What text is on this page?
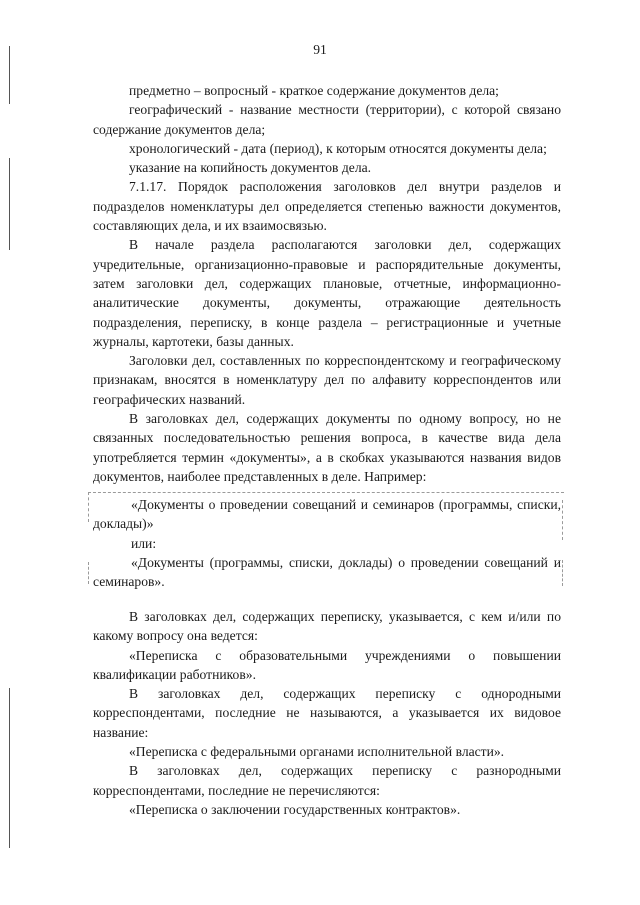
91

предметно – вопросный - краткое содержание документов дела;

географический - название местности (территории), с которой связано содержание документов дела;

хронологический - дата (период), к которым относятся документы дела;

указание на копийность документов дела.

7.1.17. Порядок расположения заголовков дел внутри разделов и подразделов номенклатуры дел определяется степенью важности документов, составляющих дела, и их взаимосвязью.

В начале раздела располагаются заголовки дел, содержащих учредительные, организационно-правовые и распорядительные документы, затем заголовки дел, содержащих плановые, отчетные, информационно-аналитические документы, документы, отражающие деятельность подразделения, переписку, в конце раздела – регистрационные и учетные журналы, картотеки, базы данных.

Заголовки дел, составленных по корреспондентскому и географическому признакам, вносятся в номенклатуру дел по алфавиту корреспондентов или географических названий.

В заголовках дел, содержащих документы по одному вопросу, но не связанных последовательностью решения вопроса, в качестве вида дела употребляется термин «документы», а в скобках указываются названия видов документов, наиболее представленных в деле. Например:

«Документы о проведении совещаний и семинаров (программы, списки, доклады)»

или:

«Документы (программы, списки, доклады) о проведении совещаний и семинаров».

В заголовках дел, содержащих переписку, указывается, с кем и/или по какому вопросу она ведется:

«Переписка с образовательными учреждениями о повышении квалификации работников».

В заголовках дел, содержащих переписку с однородными корреспондентами, последние не называются, а указывается их видовое название:

«Переписка с федеральными органами исполнительной власти».

В заголовках дел, содержащих переписку с разнородными корреспондентами, последние не перечисляются:

«Переписка о заключении государственных контрактов».
